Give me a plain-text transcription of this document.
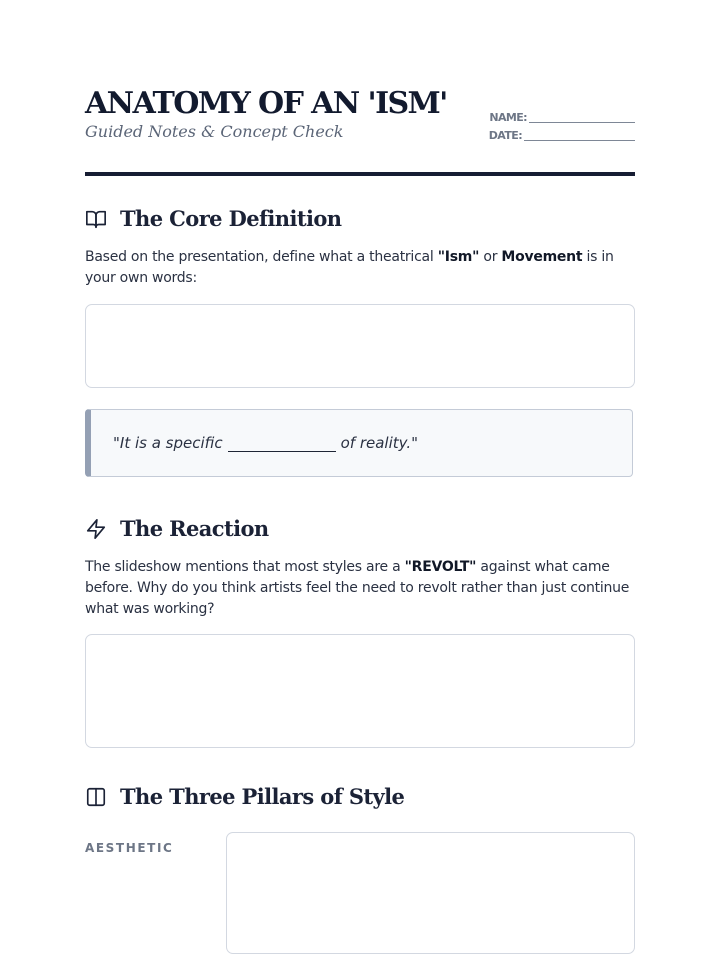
ANATOMY OF AN 'ISM'
Guided Notes & Concept Check
NAME:
DATE:
The Core Definition

Based on the presentation, define what a theatrical "Ism" or Movement is in your own words:

"It is a specific	of reality."
The Reaction

The slideshow mentions that most styles are a "REVOLT" against what came before. Why do you think artists feel the need to revolt rather than just continue what was working?

The Three Pillars of Style
AESTHETIC
